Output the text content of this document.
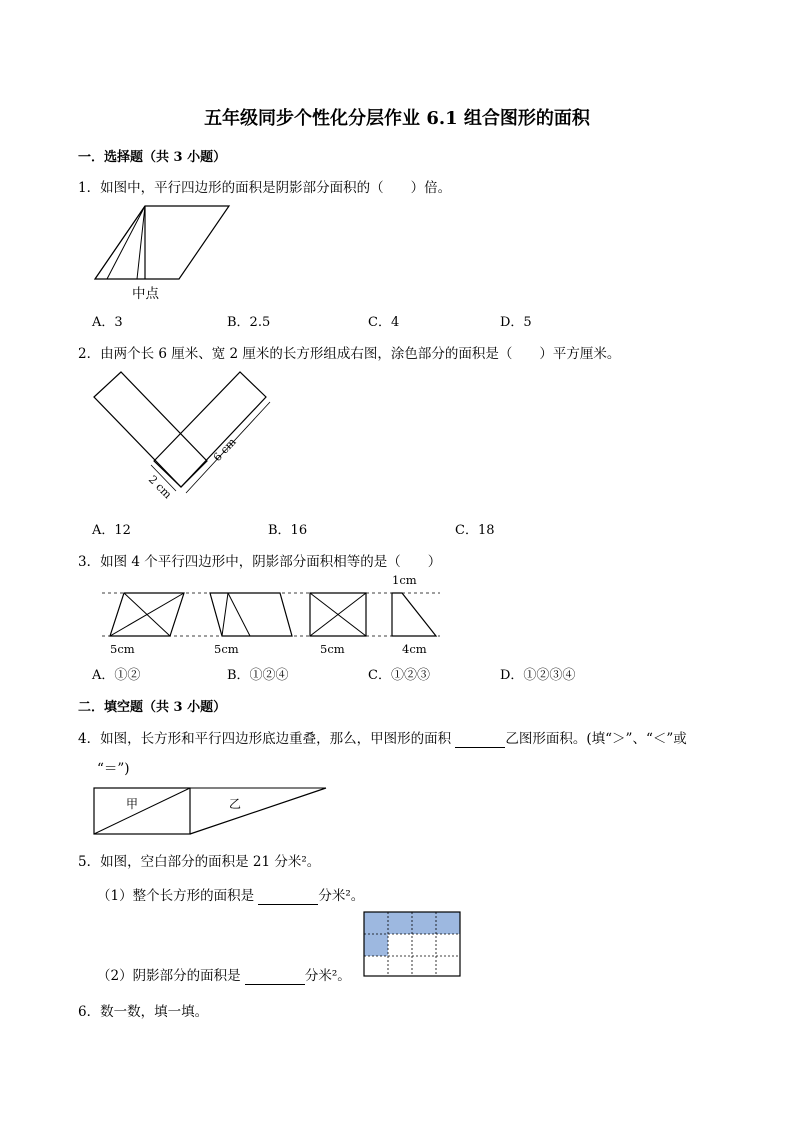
五年级同步个性化分层作业 6.1 组合图形的面积
一．选择题（共 3 小题）
1．如图中，平行四边形的面积是阴影部分面积的（　　）倍。
中点
A．3	B．2.5	C．4	D．5
2．由两个长 6 厘米、宽 2 厘米的长方形组成右图，涂色部分的面积是（　　）平方厘米。
2 cm
6 cm
A．12	B．16	C．18
3．如图 4 个平行四边形中，阴影部分面积相等的是（　　）
1cm
5cm	5cm	5cm	4cm
A．①②	B．①②④	C．①②③	D．①②③④
二．填空题（共 3 小题）
4．如图，长方形和平行四边形底边重叠，那么，甲图形的面积	乙图形面积。(填“＞”、“＜”或
“＝”)
甲	乙
5．如图，空白部分的面积是 21 分米²。
（1）整个长方形的面积是	分米²。
（2）阴影部分的面积是	分米²。
6．数一数，填一填。
